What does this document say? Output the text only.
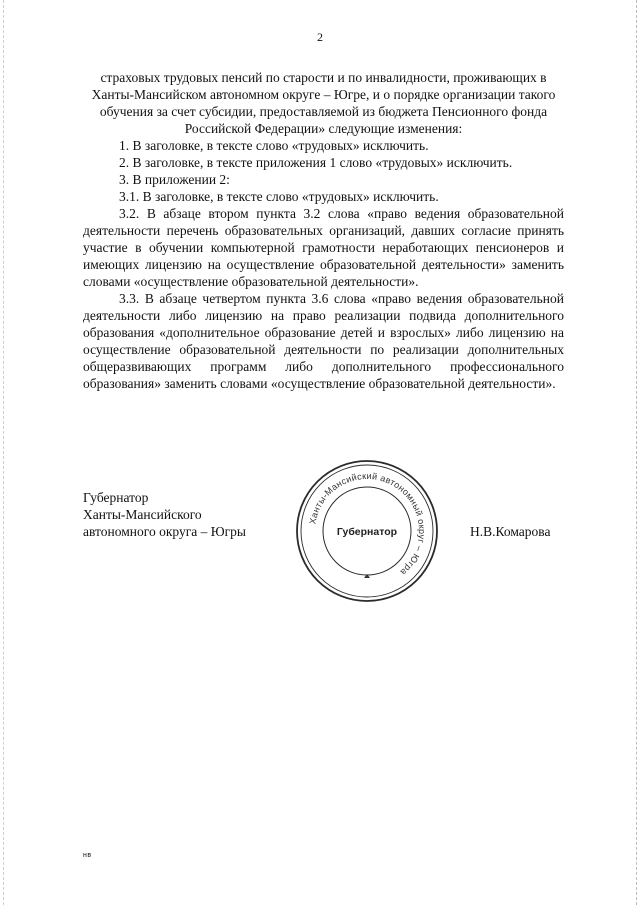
2

страховых трудовых пенсий по старости и по инвалидности, проживающих в Ханты-Мансийском автономном округе – Югре, и о порядке организации такого обучения за счет субсидии, предоставляемой из бюджета Пенсионного фонда Российской Федерации» следующие изменения:

1. В заголовке, в тексте слово «трудовых» исключить.

2. В заголовке, в тексте приложения 1 слово «трудовых» исключить.

3. В приложении 2:

3.1. В заголовке, в тексте слово «трудовых» исключить.

3.2. В абзаце втором пункта 3.2 слова «право ведения образовательной деятельности перечень образовательных организаций, давших согласие принять участие в обучении компьютерной грамотности неработающих пенсионеров и имеющих лицензию на осуществление образовательной деятельности» заменить словами «осуществление образовательной деятельности».

3.3. В абзаце четвертом пункта 3.6 слова «право ведения образовательной деятельности либо лицензию на право реализации подвида дополнительного образования «дополнительное образование детей и взрослых» либо лицензию на осуществление образовательной деятельности по реализации дополнительных общеразвивающих программ либо дополнительного профессионального образования» заменить словами «осуществление образовательной деятельности».

Губернатор
Ханты-Мансийского
автономного округа – Югры
Ханты-Мансийский автономный округ – Югра
Губернатор	Н.В.Комарова
нв
